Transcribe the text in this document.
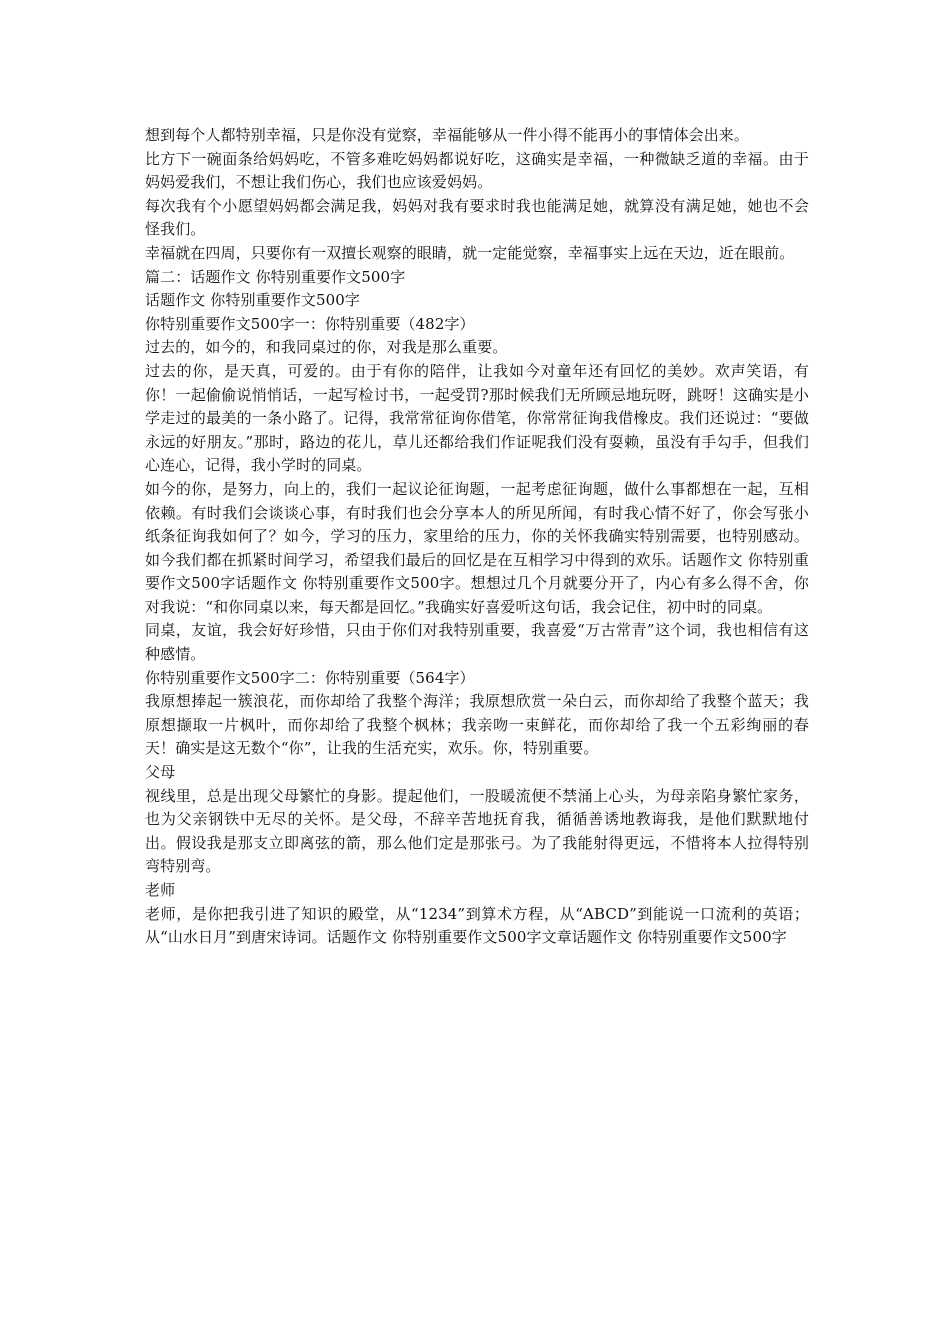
想到每个人都特别幸福，只是你没有觉察，幸福能够从一件小得不能再小的事情体会出来。

比方下一碗面条给妈妈吃，不管多难吃妈妈都说好吃，这确实是幸福，一种微缺乏道的幸福。由于妈妈爱我们，不想让我们伤心，我们也应该爱妈妈。

每次我有个小愿望妈妈都会满足我，妈妈对我有要求时我也能满足她，就算没有满足她，她也不会怪我们。

幸福就在四周，只要你有一双擅长观察的眼睛，就一定能觉察，幸福事实上远在天边，近在眼前。

篇二：话题作文 你特别重要作文500字

话题作文 你特别重要作文500字

你特别重要作文500字一：你特别重要（482字）

过去的，如今的，和我同桌过的你，对我是那么重要。

过去的你，是天真，可爱的。由于有你的陪伴，让我如今对童年还有回忆的美妙。欢声笑语，有你！一起偷偷说悄悄话，一起写检讨书，一起受罚?那时候我们无所顾忌地玩呀，跳呀！这确实是小学走过的最美的一条小路了。记得，我常常征询你借笔，你常常征询我借橡皮。我们还说过：“要做永远的好朋友。”那时，路边的花儿，草儿还都给我们作证呢我们没有耍赖，虽没有手勾手，但我们心连心，记得，我小学时的同桌。

如今的你，是努力，向上的，我们一起议论征询题，一起考虑征询题，做什么事都想在一起，互相依赖。有时我们会谈谈心事，有时我们也会分享本人的所见所闻，有时我心情不好了，你会写张小纸条征询我如何了？如今，学习的压力，家里给的压力，你的关怀我确实特别需要，也特别感动。如今我们都在抓紧时间学习，希望我们最后的回忆是在互相学习中得到的欢乐。话题作文 你特别重要作文500字话题作文 你特别重要作文500字。想想过几个月就要分开了，内心有多么得不舍，你对我说：“和你同桌以来，每天都是回忆。”我确实好喜爱听这句话，我会记住，初中时的同桌。

同桌，友谊，我会好好珍惜，只由于你们对我特别重要，我喜爱“万古常青”这个词，我也相信有这种感情。

你特别重要作文500字二：你特别重要（564字）

我原想捧起一簇浪花，而你却给了我整个海洋；我原想欣赏一朵白云，而你却给了我整个蓝天；我原想撷取一片枫叶，而你却给了我整个枫林；我亲吻一束鲜花，而你却给了我一个五彩绚丽的春天！确实是这无数个“你”，让我的生活充实，欢乐。你，特别重要。

父母

视线里，总是出现父母繁忙的身影。提起他们，一股暖流便不禁涌上心头，为母亲陷身繁忙家务，也为父亲钢铁中无尽的关怀。是父母，不辞辛苦地抚育我，循循善诱地教诲我，是他们默默地付出。假设我是那支立即离弦的箭，那么他们定是那张弓。为了我能射得更远，不惜将本人拉得特别弯特别弯。

老师

老师，是你把我引进了知识的殿堂，从“1234”到算术方程，从“ABCD”到能说一口流利的英语；从“山水日月”到唐宋诗词。话题作文 你特别重要作文500字文章话题作文 你特别重要作文500字
